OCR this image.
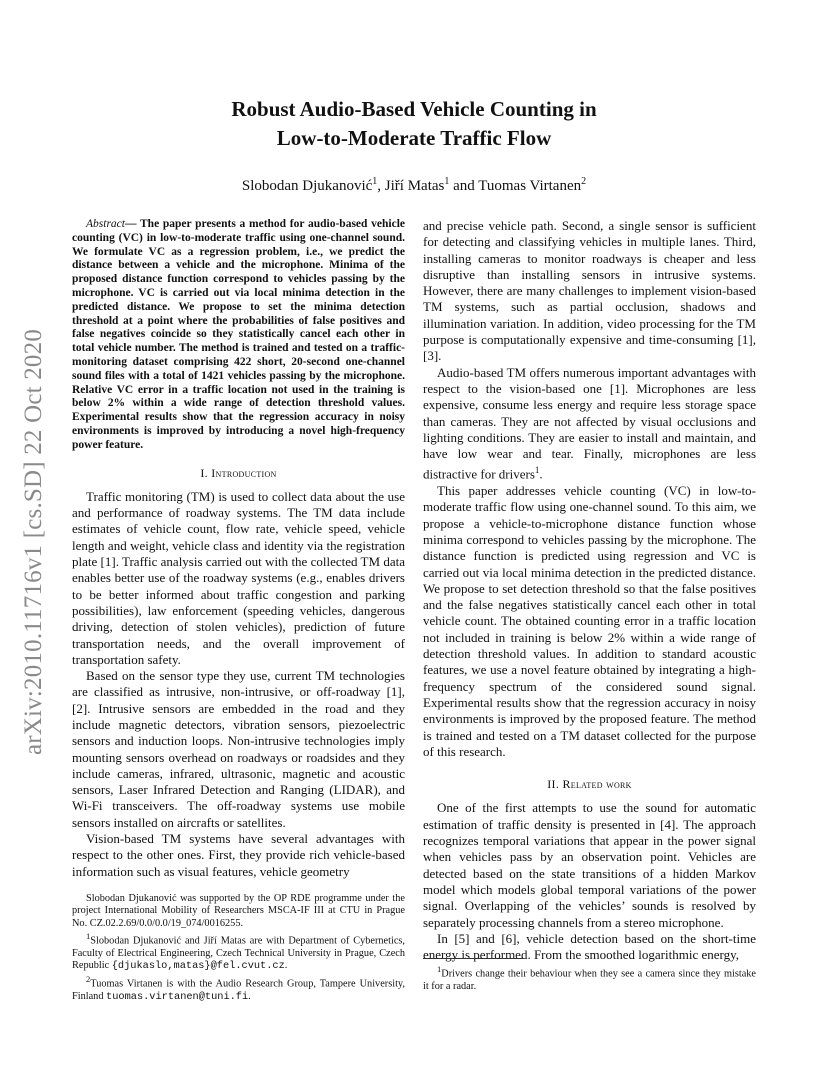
arXiv:2010.11716v1 [cs.SD] 22 Oct 2020
Robust Audio-Based Vehicle Counting in
Low-to-Moderate Traffic Flow

Slobodan Djukanović$^1$, Jiří Matas$^1$ and Tuomas Virtanen$^2$

Abstract— The paper presents a method for audio-based vehicle counting (VC) in low-to-moderate traffic using one-channel sound. We formulate VC as a regression problem, i.e., we predict the distance between a vehicle and the microphone. Minima of the proposed distance function correspond to vehicles passing by the microphone. VC is carried out via local minima detection in the predicted distance. We propose to set the minima detection threshold at a point where the probabilities of false positives and false negatives coincide so they statistically cancel each other in total vehicle number. The method is trained and tested on a traffic-monitoring dataset comprising 422 short, 20-second one-channel sound files with a total of 1421 vehicles passing by the microphone. Relative VC error in a traffic location not used in the training is below 2% within a wide range of detection threshold values. Experimental results show that the regression accuracy in noisy environments is improved by introducing a novel high-frequency power feature.

I. Introduction

Traffic monitoring (TM) is used to collect data about the use and performance of roadway systems. The TM data include estimates of vehicle count, flow rate, vehicle speed, vehicle length and weight, vehicle class and identity via the registration plate [1]. Traffic analysis carried out with the collected TM data enables better use of the roadway systems (e.g., enables drivers to be better informed about traffic congestion and parking possibilities), law enforcement (speeding vehicles, dangerous driving, detection of stolen vehicles), prediction of future transportation needs, and the overall improvement of transportation safety.

Based on the sensor type they use, current TM technologies are classified as intrusive, non-intrusive, or off-roadway [1], [2]. Intrusive sensors are embedded in the road and they include magnetic detectors, vibration sensors, piezoelectric sensors and induction loops. Non-intrusive technologies imply mounting sensors overhead on roadways or roadsides and they include cameras, infrared, ultrasonic, magnetic and acoustic sensors, Laser Infrared Detection and Ranging (LIDAR), and Wi-Fi transceivers. The off-roadway systems use mobile sensors installed on aircrafts or satellites.

Vision-based TM systems have several advantages with respect to the other ones. First, they provide rich vehicle-based information such as visual features, vehicle geometry

Slobodan Djukanović was supported by the OP RDE programme under the project International Mobility of Researchers MSCA-IF III at CTU in Prague No. CZ.02.2.69/0.0/0.0/19_074/0016255.

$^1$Slobodan Djukanović and Jiří Matas are with Department of Cybernetics, Faculty of Electrical Engineering, Czech Technical University in Prague, Czech Republic {djukaslo,matas}@fel.cvut.cz.

$^2$Tuomas Virtanen is with the Audio Research Group, Tampere University, Finland tuomas.virtanen@tuni.fi.

and precise vehicle path. Second, a single sensor is sufficient for detecting and classifying vehicles in multiple lanes. Third, installing cameras to monitor roadways is cheaper and less disruptive than installing sensors in intrusive systems. However, there are many challenges to implement vision-based TM systems, such as partial occlusion, shadows and illumination variation. In addition, video processing for the TM purpose is computationally expensive and time-consuming [1], [3].

Audio-based TM offers numerous important advantages with respect to the vision-based one [1]. Microphones are less expensive, consume less energy and require less storage space than cameras. They are not affected by visual occlusions and lighting conditions. They are easier to install and maintain, and have low wear and tear. Finally, microphones are less distractive for drivers$^1$.

This paper addresses vehicle counting (VC) in low-to-moderate traffic flow using one-channel sound. To this aim, we propose a vehicle-to-microphone distance function whose minima correspond to vehicles passing by the microphone. The distance function is predicted using regression and VC is carried out via local minima detection in the predicted distance. We propose to set detection threshold so that the false positives and the false negatives statistically cancel each other in total vehicle count. The obtained counting error in a traffic location not included in training is below 2% within a wide range of detection threshold values. In addition to standard acoustic features, we use a novel feature obtained by integrating a high-frequency spectrum of the considered sound signal. Experimental results show that the regression accuracy in noisy environments is improved by the proposed feature. The method is trained and tested on a TM dataset collected for the purpose of this research.

II. Related work

One of the first attempts to use the sound for automatic estimation of traffic density is presented in [4]. The approach recognizes temporal variations that appear in the power signal when vehicles pass by an observation point. Vehicles are detected based on the state transitions of a hidden Markov model which models global temporal variations of the power signal. Overlapping of the vehicles’ sounds is resolved by separately processing channels from a stereo microphone.

In [5] and [6], vehicle detection based on the short-time energy is performed. From the smoothed logarithmic energy,

$^1$Drivers change their behaviour when they see a camera since they mistake it for a radar.
